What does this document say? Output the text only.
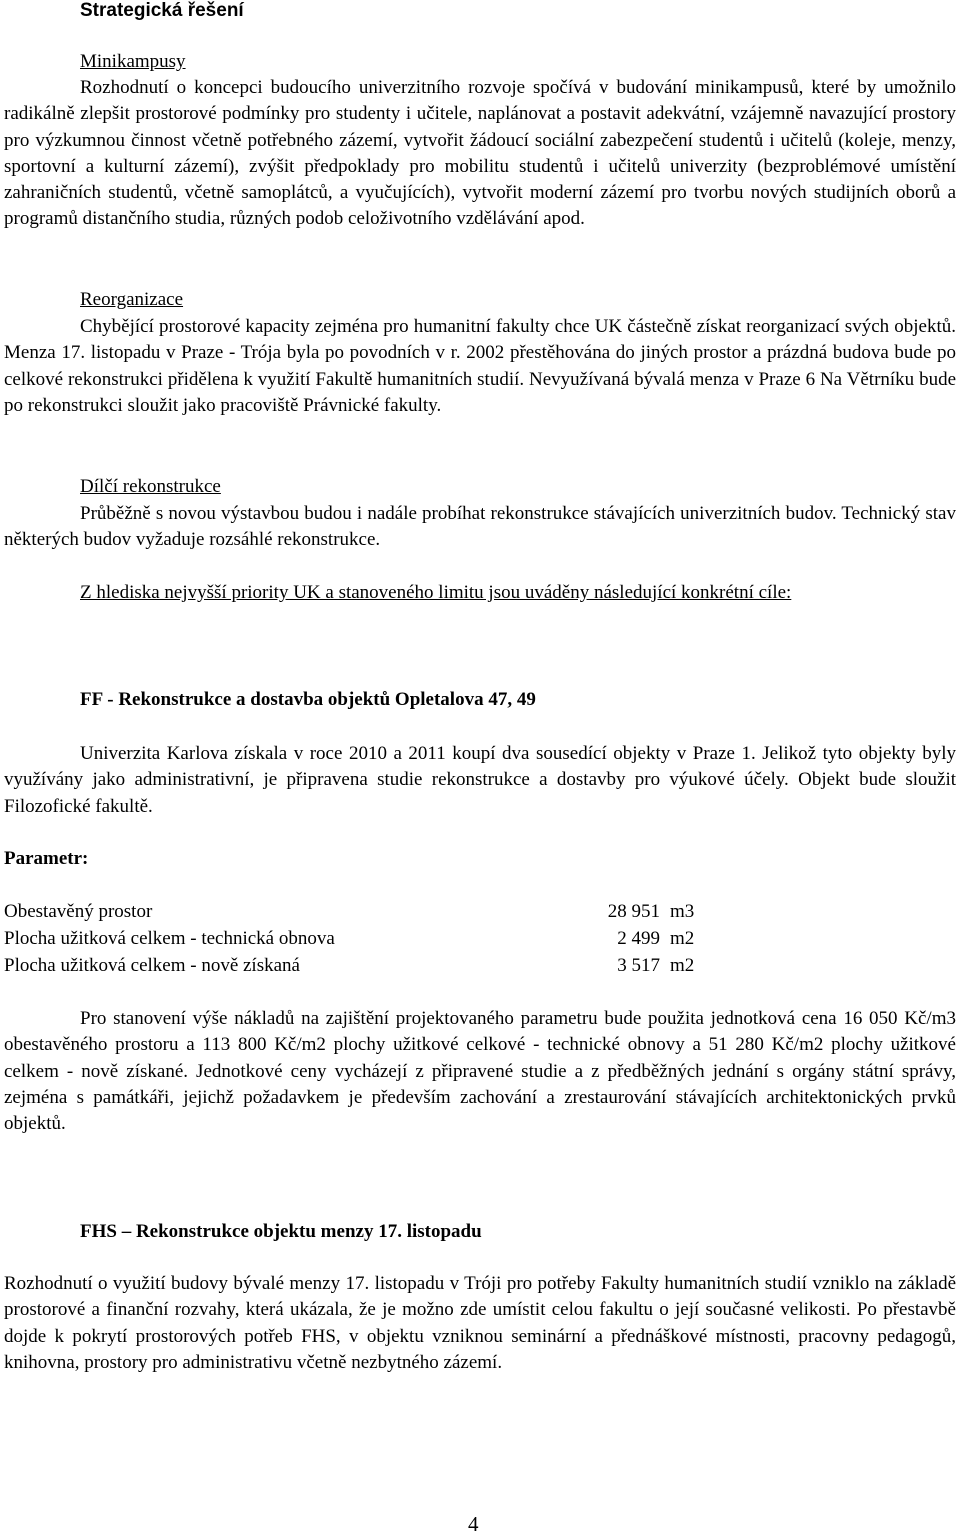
Strategická řešení
Minikampusy

Rozhodnutí o koncepci budoucího univerzitního rozvoje spočívá v budování minikampusů, které by umožnilo radikálně zlepšit prostorové podmínky pro studenty i učitele, naplánovat a postavit adekvátní, vzájemně navazující prostory pro výzkumnou činnost včetně potřebného zázemí, vytvořit žádoucí sociální zabezpečení studentů i učitelů (koleje, menzy, sportovní a kulturní zázemí), zvýšit předpoklady pro mobilitu studentů i učitelů univerzity (bezproblémové umístění zahraničních studentů, včetně samoplátců, a vyučujících), vytvořit moderní zázemí pro tvorbu nových studijních oborů a programů distančního studia, různých podob celoživotního vzdělávání apod.

Reorganizace

Chybějící prostorové kapacity zejména pro humanitní fakulty chce UK částečně získat reorganizací svých objektů. Menza 17. listopadu v Praze - Trója byla po povodních v r. 2002 přestěhována do jiných prostor a prázdná budova bude po celkové rekonstrukci přidělena k využití Fakultě humanitních studií. Nevyužívaná bývalá menza v Praze 6 Na Větrníku bude po rekonstrukci sloužit jako pracoviště Právnické fakulty.

Dílčí rekonstrukce

Průběžně s novou výstavbou budou i nadále probíhat rekonstrukce stávajících univerzitních budov. Technický stav některých budov vyžaduje rozsáhlé rekonstrukce.

Z hlediska nejvyšší priority UK a stanoveného limitu jsou uváděny následující konkrétní cíle:
FF - Rekonstrukce a dostavba objektů Opletalova 47, 49

Univerzita Karlova získala v roce 2010 a 2011 koupí dva sousedící objekty v Praze 1. Jelikož tyto objekty byly využívány jako administrativní, je připravena studie rekonstrukce a dostavby pro výukové účely. Objekt bude sloužit Filozofické fakultě.

Parametr:
Obestavěný prostor	28 951 m3
Plocha užitková celkem - technická obnova	2 499 m2
Plocha užitková celkem - nově získaná	3 517 m2

Pro stanovení výše nákladů na zajištění projektovaného parametru bude použita jednotková cena 16 050 Kč/m3 obestavěného prostoru a 113 800 Kč/m2 plochy užitkové celkové - technické obnovy a 51 280 Kč/m2 plochy užitkové celkem - nově získané. Jednotkové ceny vycházejí z připravené studie a z předběžných jednání s orgány státní správy, zejména s památkáři, jejichž požadavkem je především zachování a zrestaurování stávajících architektonických prvků objektů.

FHS – Rekonstrukce objektu menzy 17. listopadu

Rozhodnutí o využití budovy bývalé menzy 17. listopadu v Tróji pro potřeby Fakulty humanitních studií vzniklo na základě prostorové a finanční rozvahy, která ukázala, že je možno zde umístit celou fakultu o její současné velikosti. Po přestavbě dojde k pokrytí prostorových potřeb FHS, v objektu vzniknou seminární a přednáškové místnosti, pracovny pedagogů, knihovna, prostory pro administrativu včetně nezbytného zázemí.

4
